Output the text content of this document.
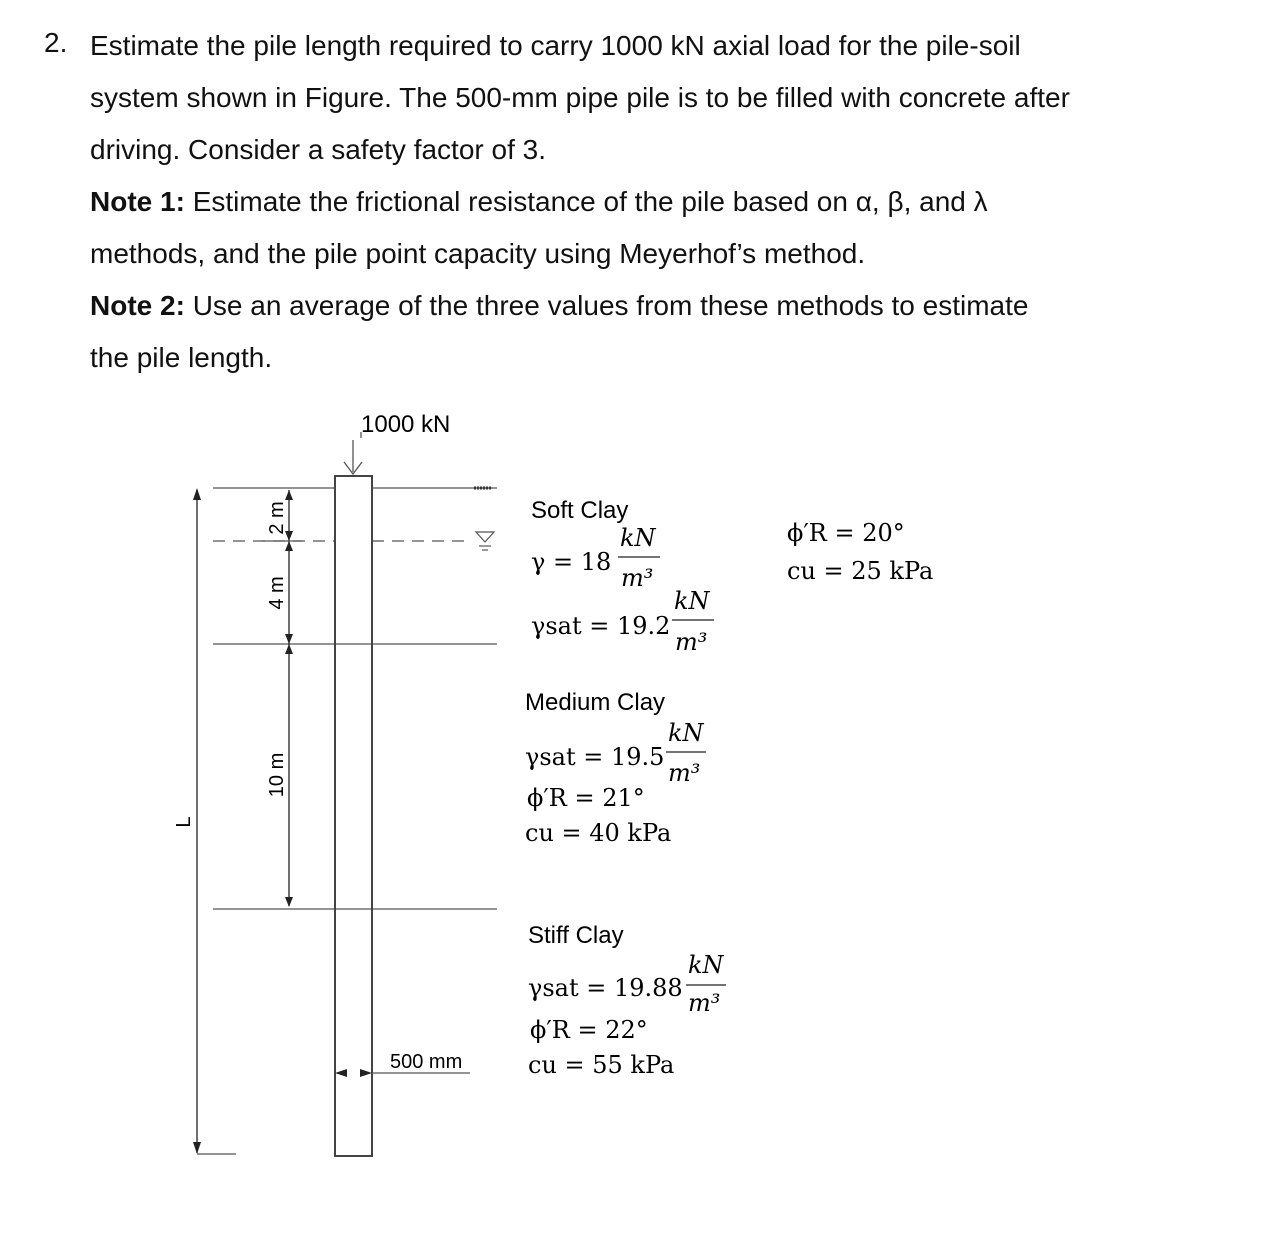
2. Estimate the pile length required to carry 1000 kN axial load for the pile-soil
system shown in Figure. The 500-mm pipe pile is to be filled with concrete after
driving. Consider a safety factor of 3.
Note 1: Estimate the frictional resistance of the pile based on α, β, and λ
methods, and the pile point capacity using Meyerhof’s method.
Note 2: Use an average of the three values from these methods to estimate
the pile length.
1000 kN
500 mm
L
2 m
4 m
10 m
Soft Clay
γ = 18
kN
m³
γsat = 19.2
kN
m³
ϕ′R = 20°
cu = 25 kPa
Medium Clay
γsat = 19.5
kN
m³
ϕ′R = 21°
cu = 40 kPa
Stiff Clay
γsat = 19.88
kN
m³
ϕ′R = 22°
cu = 55 kPa
